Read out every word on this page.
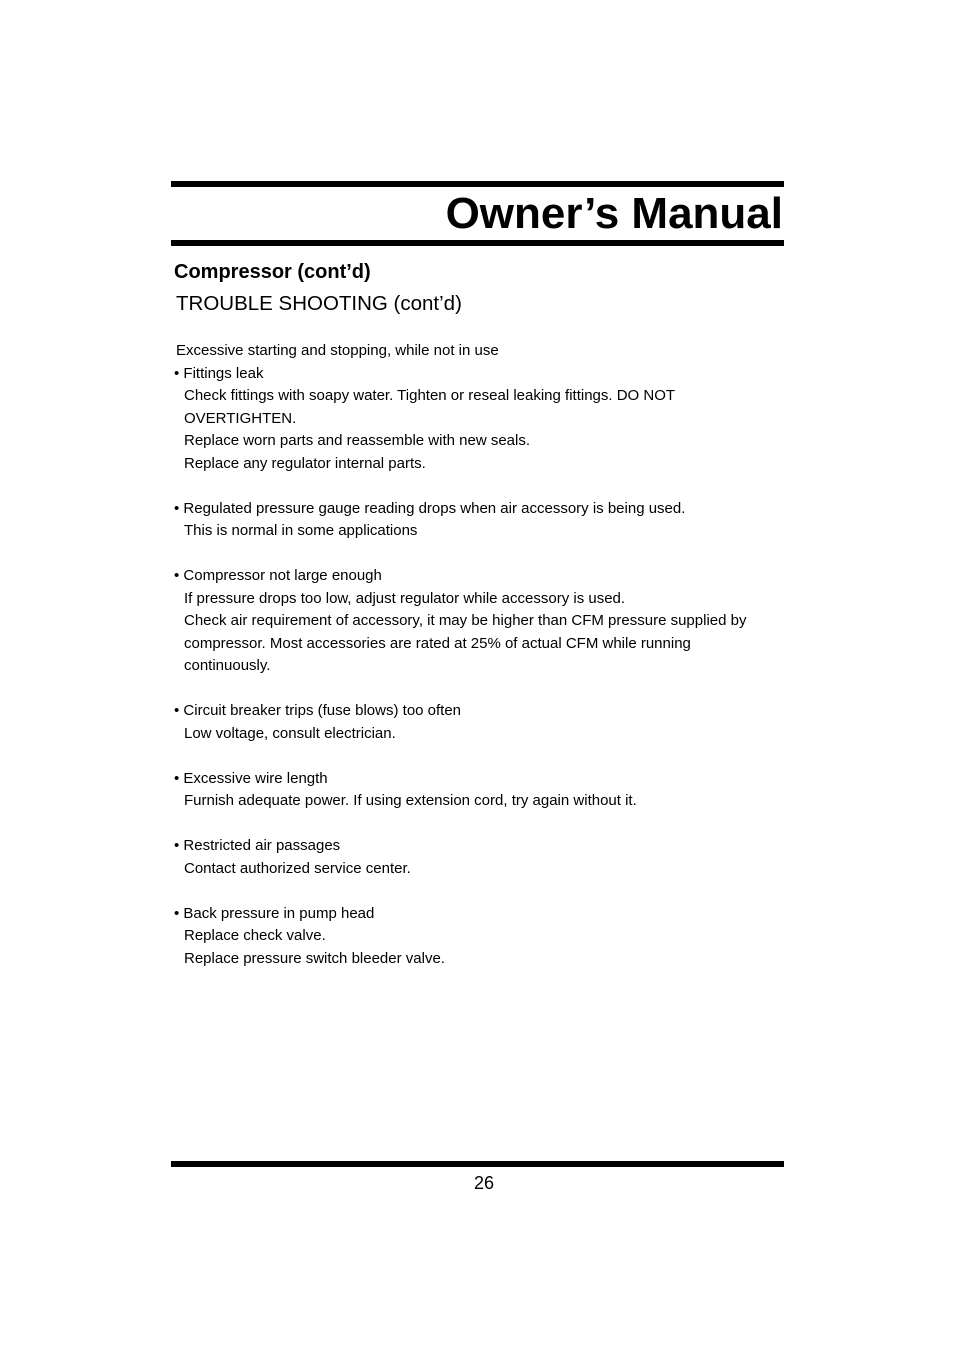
Owner’s Manual
Compressor (cont’d)
TROUBLE SHOOTING (cont’d)
Excessive starting and stopping, while not in use
• Fittings leak
Check fittings with soapy water. Tighten or reseal leaking fittings. DO NOT
OVERTIGHTEN.
Replace worn parts and reassemble with new seals.
Replace any regulator internal parts.
• Regulated pressure gauge reading drops when air accessory is being used.
This is normal in some applications
• Compressor not large enough
If pressure drops too low, adjust regulator while accessory is used.
Check air requirement of accessory, it may be higher than CFM pressure supplied by
compressor. Most accessories are rated at 25% of actual CFM while running
continuously.
• Circuit breaker trips (fuse blows) too often
Low voltage, consult electrician.
• Excessive wire length
Furnish adequate power. If using extension cord, try again without it.
• Restricted air passages
Contact authorized service center.
• Back pressure in pump head
Replace check valve.
Replace pressure switch bleeder valve.
26
